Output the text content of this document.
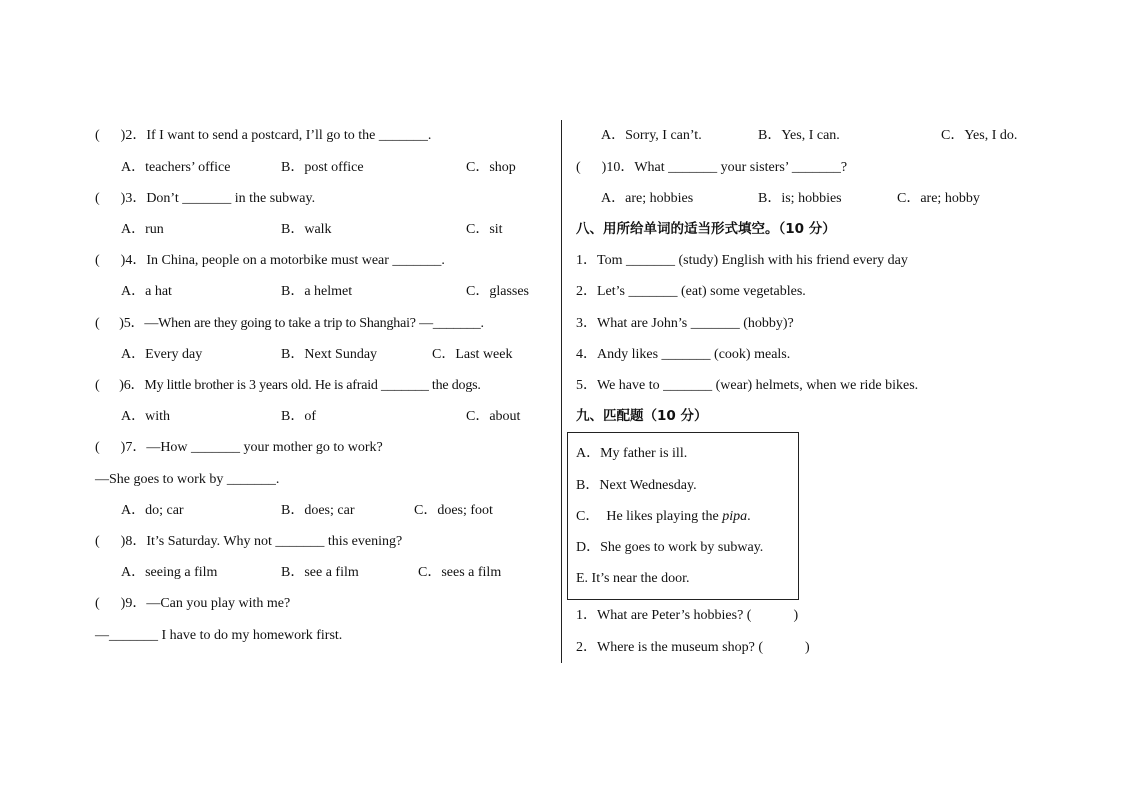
(      )2．If I want to send a postcard, I’ll go to the _______.
A．teachers’ office	B．post office	C．shop
(      )3．Don’t _______ in the subway.
A．run	B．walk	C．sit
(      )4．In China, people on a motorbike must wear _______.
A．a hat	B．a helmet	C．glasses
(      )5．—When are they going to take a trip to Shanghai? —_______.
A．Every day	B．Next Sunday	C．Last week
(      )6．My little brother is 3 years old. He is afraid _______ the dogs.
A．with	B．of	C．about
(      )7．—How _______ your mother go to work?
—She goes to work by _______.
A．do; car	B．does; car	C．does; foot
(      )8．It’s Saturday. Why not _______ this evening?
A．seeing a film	B．see a film	C．sees a film
(      )9．—Can you play with me?
—_______ I have to do my homework first.
A．Sorry, I can’t.	B．Yes, I can.	C．Yes, I do.
(      )10．What _______ your sisters’ _______?
A．are; hobbies	B．is; hobbies	C．are; hobby
八、用所给单词的适当形式填空。（10 分）
1．Tom _______ (study) English with his friend every day
2．Let’s _______ (eat) some vegetables.
3．What are John’s _______ (hobby)?
4．Andy likes _______ (cook) meals.
5．We have to _______ (wear) helmets, when we ride bikes.
九、匹配题（10 分）
A．My father is ill.
B．Next Wednesday.
C．  He likes playing the pipa.
D．She goes to work by subway.
E. It’s near the door.
1．What are Peter’s hobbies? (            )
2．Where is the museum shop? (            )
